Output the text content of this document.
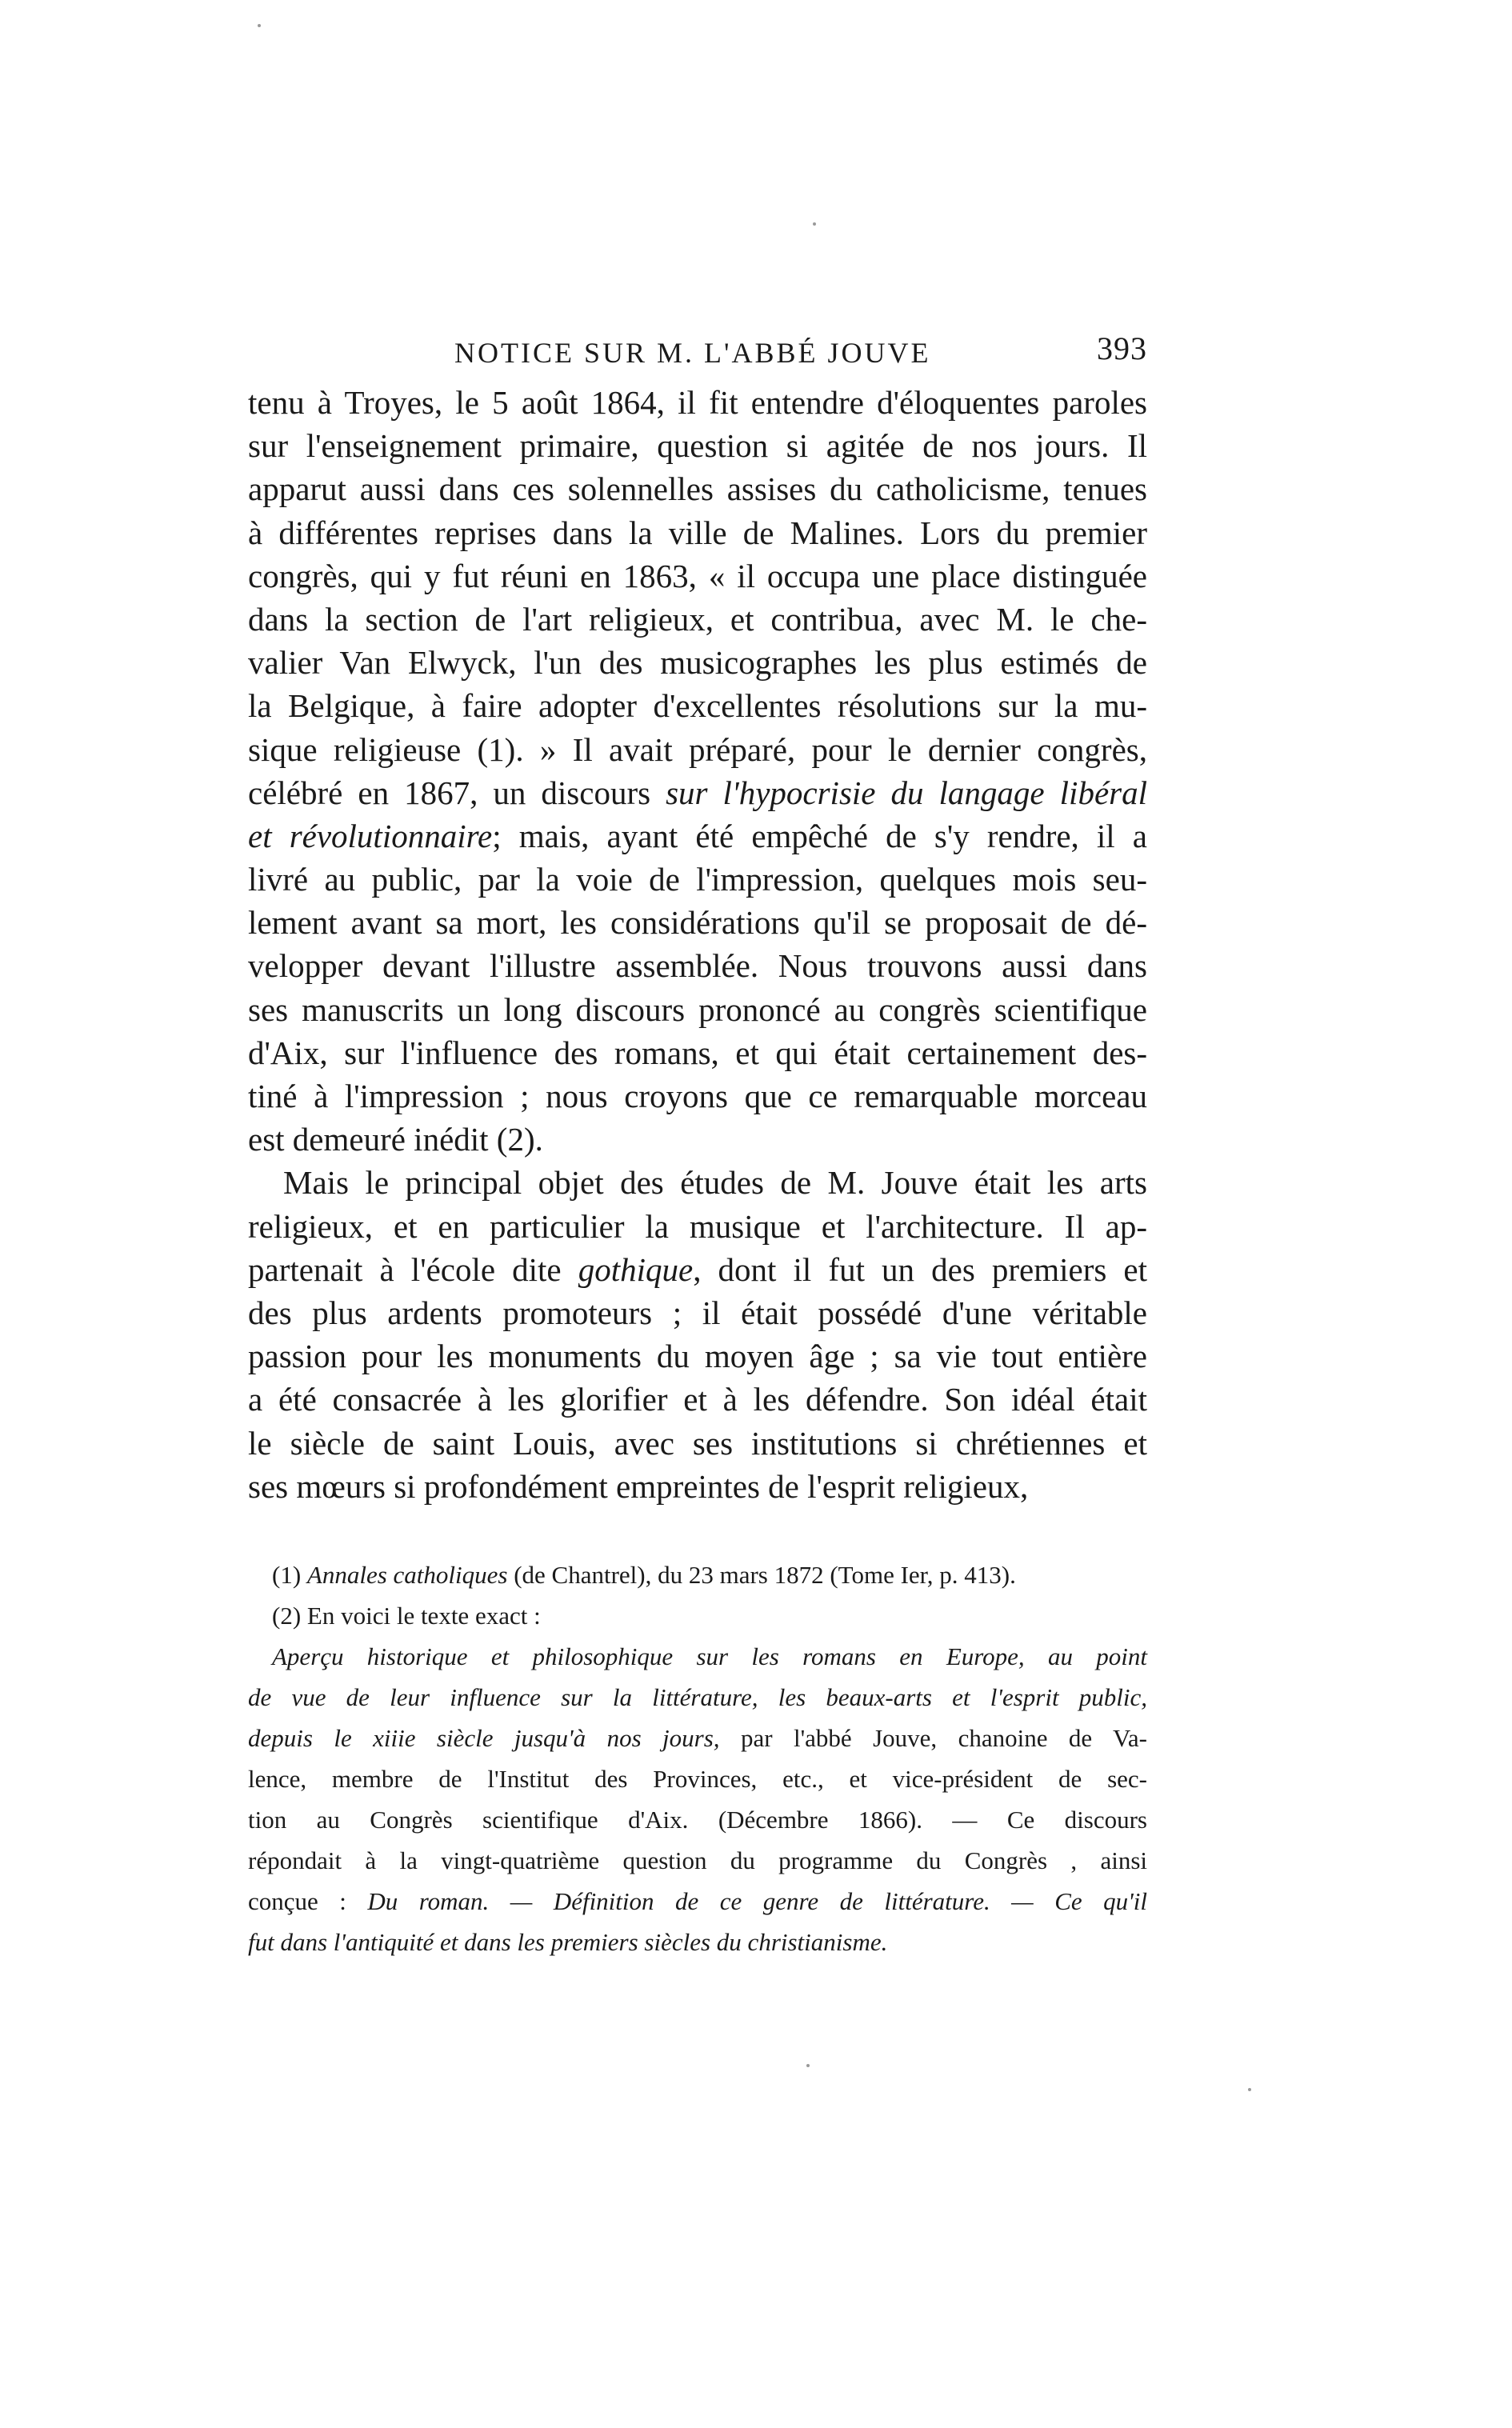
NOTICE SUR M. L'ABBÉ JOUVE	393
tenu à Troyes, le 5 août 1864, il fit entendre d'éloquentes paroles
sur l'enseignement primaire, question si agitée de nos jours. Il
apparut aussi dans ces solennelles assises du catholicisme, tenues
à différentes reprises dans la ville de Malines. Lors du premier
congrès, qui y fut réuni en 1863, « il occupa une place distinguée
dans la section de l'art religieux, et contribua, avec M. le che-
valier Van Elwyck, l'un des musicographes les plus estimés de
la Belgique, à faire adopter d'excellentes résolutions sur la mu-
sique religieuse (1). » Il avait préparé, pour le dernier congrès,
célébré en 1867, un discours sur l'hypocrisie du langage libéral
et révolutionnaire; mais, ayant été empêché de s'y rendre, il a
livré au public, par la voie de l'impression, quelques mois seu-
lement avant sa mort, les considérations qu'il se proposait de dé-
velopper devant l'illustre assemblée. Nous trouvons aussi dans
ses manuscrits un long discours prononcé au congrès scientifique
d'Aix, sur l'influence des romans, et qui était certainement des-
tiné à l'impression ; nous croyons que ce remarquable morceau
est demeuré inédit (2).
Mais le principal objet des études de M. Jouve était les arts
religieux, et en particulier la musique et l'architecture. Il ap-
partenait à l'école dite gothique, dont il fut un des premiers et
des plus ardents promoteurs ; il était possédé d'une véritable
passion pour les monuments du moyen âge ; sa vie tout entière
a été consacrée à les glorifier et à les défendre. Son idéal était
le siècle de saint Louis, avec ses institutions si chrétiennes et
ses mœurs si profondément empreintes de l'esprit religieux,
(1) Annales catholiques (de Chantrel), du 23 mars 1872 (Tome Ier, p. 413).
(2) En voici le texte exact :
Aperçu historique et philosophique sur les romans en Europe, au point
de vue de leur influence sur la littérature, les beaux-arts et l'esprit public,
depuis le xiiie siècle jusqu'à nos jours, par l'abbé Jouve, chanoine de Va-
lence, membre de l'Institut des Provinces, etc., et vice-président de sec-
tion au Congrès scientifique d'Aix. (Décembre 1866). — Ce discours
répondait à la vingt-quatrième question du programme du Congrès , ainsi
conçue : Du roman. — Définition de ce genre de littérature. — Ce qu'il
fut dans l'antiquité et dans les premiers siècles du christianisme.
